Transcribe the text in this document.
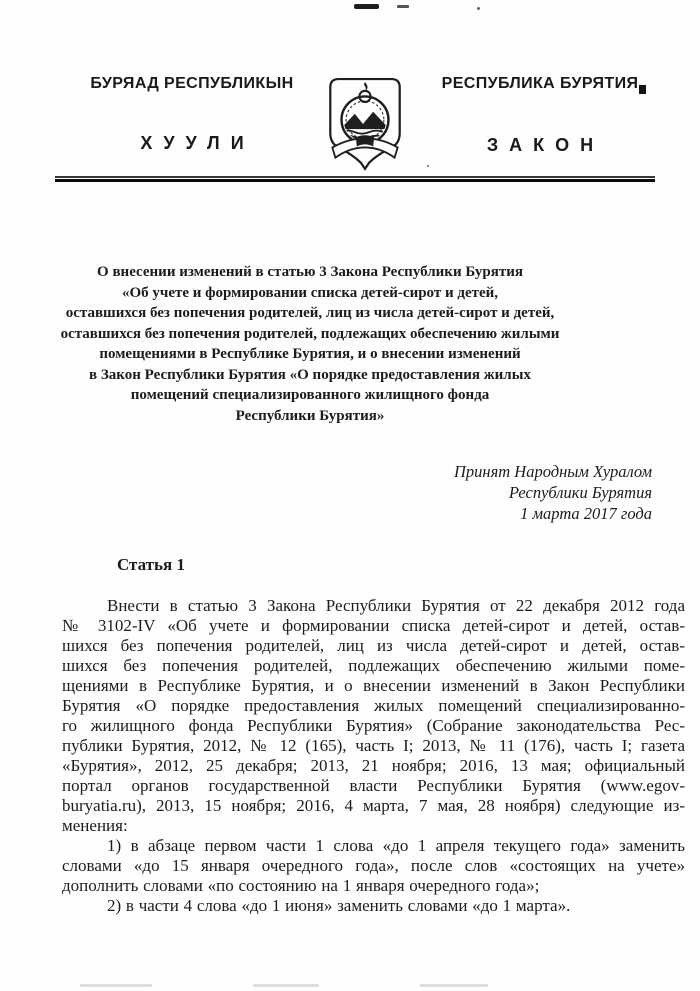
БУРЯАД РЕСПУБЛИКЫН
ХУУЛИ
РЕСПУБЛИКА БУРЯТИЯ
ЗАКОН
О внесении изменений в статью 3 Закона Республики Бурятия
«Об учете и формировании списка детей-сирот и детей,
оставшихся без попечения родителей, лиц из числа детей-сирот и детей,
оставшихся без попечения родителей, подлежащих обеспечению жилыми
помещениями в Республике Бурятия, и о внесении изменений
в Закон Республики Бурятия «О порядке предоставления жилых
помещений специализированного жилищного фонда
Республики Бурятия»
Принят Народным Хуралом
Республики Бурятия
1 марта 2017 года
Статья 1
Внести в статью 3 Закона Республики Бурятия от 22 декабря 2012 года
№ 3102-IV «Об учете и формировании списка детей-сирот и детей, остав-
шихся без попечения родителей, лиц из числа детей-сирот и детей, остав-
шихся без попечения родителей, подлежащих обеспечению жилыми поме-
щениями в Республике Бурятия, и о внесении изменений в Закон Республики
Бурятия «О порядке предоставления жилых помещений специализированно-
го жилищного фонда Республики Бурятия» (Собрание законодательства Рес-
публики Бурятия, 2012, № 12 (165), часть I; 2013, № 11 (176), часть I; газета
«Бурятия», 2012, 25 декабря; 2013, 21 ноября; 2016, 13 мая; официальный
портал органов государственной власти Республики Бурятия (www.egov-
buryatia.ru), 2013, 15 ноября; 2016, 4 марта, 7 мая, 28 ноября) следующие из-
менения:
1) в абзаце первом части 1 слова «до 1 апреля текущего года» заменить
словами «до 15 января очередного года», после слов «состоящих на учете»
дополнить словами «по состоянию на 1 января очередного года»;
2) в части 4 слова «до 1 июня» заменить словами «до 1 марта».
